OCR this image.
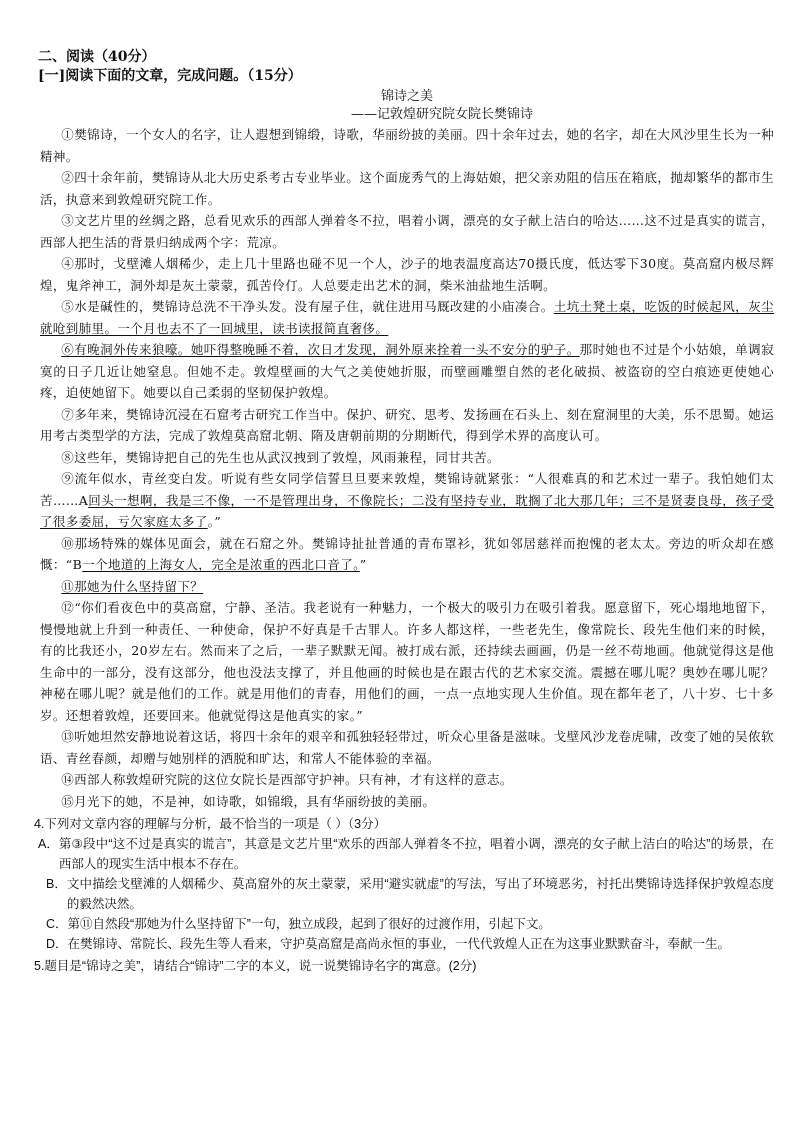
二、阅读（40分）
[一]阅读下面的文章，完成问题。（15分）
锦诗之美
——记敦煌研究院女院长樊锦诗
①樊锦诗，一个女人的名字，让人遐想到锦缎，诗歌，华丽纷披的美丽。四十余年过去，她的名字，却在大风沙里生长为一种精神。
②四十余年前，樊锦诗从北大历史系考古专业毕业。这个面庞秀气的上海姑娘，把父亲劝阻的信压在箱底，抛却繁华的都市生活，执意来到敦煌研究院工作。
③文艺片里的丝绸之路，总看见欢乐的西部人弹着冬不拉，唱着小调，漂亮的女子献上洁白的哈达……这不过是真实的谎言，西部人把生活的背景归纳成两个字：荒凉。
④那时，戈壁滩人烟稀少，走上几十里路也碰不见一个人，沙子的地表温度高达70摄氏度，低达零下30度。莫高窟内极尽辉煌，鬼斧神工，洞外却是灰土蒙蒙，孤苦伶仃。人总要走出艺术的洞，柴米油盐地生活啊。
⑤水是碱性的，樊锦诗总洗不干净头发。没有屋子住，就住进用马厩改建的小庙凑合。土坑土凳土桌，吃饭的时候起风，灰尘就呛到肺里。一个月也去不了一回城里，读书读报简直奢侈。
⑥有晚洞外传来狼嚎。她吓得整晚睡不着，次日才发现，洞外原来拴着一头不安分的驴子。那时她也不过是个小姑娘，单调寂寞的日子几近让她窒息。但她不走。敦煌壁画的大气之美使她折服，而壁画雕塑自然的老化破损、被盗窃的空白痕迹更使她心疼，迫使她留下。她要以自己柔弱的坚韧保护敦煌。
⑦多年来，樊锦诗沉浸在石窟考古研究工作当中。保护、研究、思考、发扬画在石头上、刻在窟洞里的大美，乐不思蜀。她运用考古类型学的方法，完成了敦煌莫高窟北朝、隋及唐朝前期的分期断代，得到学术界的高度认可。
⑧这些年，樊锦诗把自己的先生也从武汉拽到了敦煌，风雨兼程，同甘共苦。
⑨流年似水，青丝变白发。听说有些女同学信誓旦旦要来敦煌，樊锦诗就紧张：“人很难真的和艺术过一辈子。我怕她们太苦……A回头一想啊，我是三不像，一不是管理出身，不像院长；二没有坚持专业，耽搁了北大那几年；三不是贤妻良母，孩子受了很多委屈，亏欠家庭太多了。”
⑩那场特殊的媒体见面会，就在石窟之外。樊锦诗扯扯普通的青布罩衫，犹如邻居慈祥而抱愧的老太太。旁边的听众却在感慨：“B一个地道的上海女人，完全是浓重的西北口音了。”
⑪那她为什么坚持留下？
⑫“你们看夜色中的莫高窟，宁静、圣洁。我老说有一种魅力，一个极大的吸引力在吸引着我。愿意留下，死心塌地地留下，慢慢地就上升到一种责任、一种使命，保护不好真是千古罪人。许多人都这样，一些老先生，像常院长、段先生他们来的时候，有的比我还小，20岁左右。然而来了之后，一辈子默默无闻。被打成右派，还持续去画画，仍是一丝不苟地画。他就觉得这是他生命中的一部分，没有这部分，他也没法支撑了，并且他画的时候也是在跟古代的艺术家交流。震撼在哪儿呢？奥妙在哪儿呢？神秘在哪儿呢？就是他们的工作。就是用他们的青春，用他们的画，一点一点地实现人生价值。现在都年老了，八十岁、七十多岁。还想着敦煌，还要回来。他就觉得这是他真实的家。”
⑬听她坦然安静地说着这话，将四十余年的艰辛和孤独轻轻带过，听众心里备是滋味。戈壁风沙龙卷虎啸，改变了她的吴侬软语、青丝春颜，却赠与她别样的洒脱和旷达，和常人不能体验的幸福。
⑭西部人称敦煌研究院的这位女院长是西部守护神。只有神，才有这样的意志。
⑮月光下的她，不是神，如诗歌，如锦缎，具有华丽纷披的美丽。
4.下列对文章内容的理解与分析，最不恰当的一项是（ ）（3分）
A． 第③段中“这不过是真实的谎言”，其意是文艺片里“欢乐的西部人弹着冬不拉，唱着小调，漂亮的女子献上洁白的哈达”的场景，在西部人的现实生活中根本不存在。
B． 文中描绘戈壁滩的人烟稀少、莫高窟外的灰土蒙蒙，采用“避实就虚”的写法，写出了环境恶劣，衬托出樊锦诗选择保护敦煌态度的毅然决然。
C． 第⑪自然段“那她为什么坚持留下”一句，独立成段，起到了很好的过渡作用，引起下文。
D． 在樊锦诗、常院长、段先生等人看来，守护莫高窟是高尚永恒的事业，一代代敦煌人正在为这事业默默奋斗，奉献一生。
5.题目是“锦诗之美”，请结合“锦诗”二字的本义，说一说樊锦诗名字的寓意。(2分)
